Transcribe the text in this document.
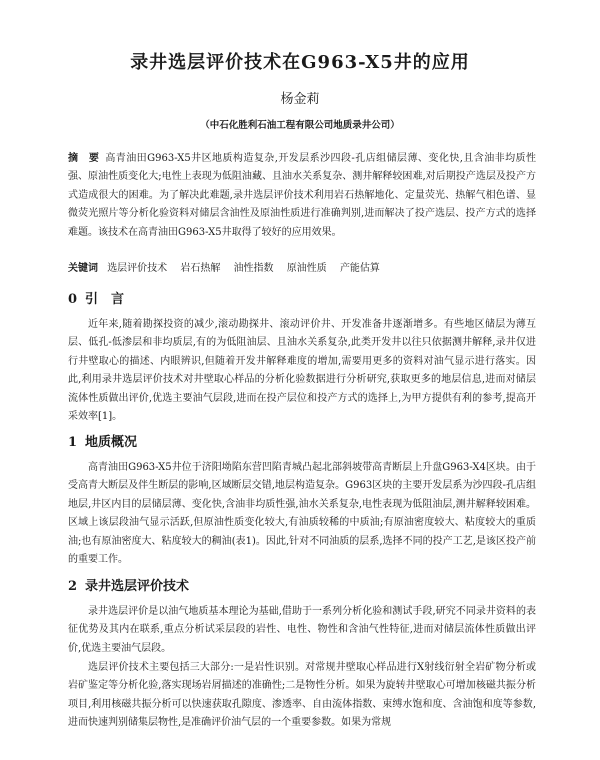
录井选层评价技术在G963-X5井的应用
杨金莉
（中石化胜利石油工程有限公司地质录井公司）
摘　要 高青油田G963-X5井区地质构造复杂,开发层系沙四段-孔店组储层薄、变化快,且含油非均质性强、原油性质变化大;电性上表现为低阻油藏、且油水关系复杂、测井解释较困难,对后期投产选层及投产方式造成很大的困难。为了解决此难题,录井选层评价技术利用岩石热解地化、定量荧光、热解气相色谱、显微荧光照片等分析化验资料对储层含油性及原油性质进行准确判别,进而解决了投产选层、投产方式的选择难题。该技术在高青油田G963-X5井取得了较好的应用效果。
关键词 选层评价技术 岩石热解 油性指数 原油性质 产能估算
0 引　言

近年来,随着勘探投资的减少,滚动勘探井、滚动评价井、开发准备井逐渐增多。有些地区储层为薄互层、低孔-低渗层和非均质层,有的为低阻油层、且油水关系复杂,此类开发井以往只依据测井解释,录井仅进行井壁取心的描述、内眼辨识,但随着开发井解释难度的增加,需要用更多的资料对油气显示进行落实。因此,利用录井选层评价技术对井壁取心样品的分析化验数据进行分析研究,获取更多的地层信息,进而对储层流体性质做出评价,优选主要油气层段,进而在投产层位和投产方式的选择上,为甲方提供有利的参考,提高开采效率[1]。

1 地质概况

高青油田G963-X5井位于济阳坳陷东营凹陷青城凸起北部斜坡带高青断层上升盘G963-X4区块。由于受高青大断层及伴生断层的影响,区域断层交错,地层构造复杂。G963区块的主要开发层系为沙四段-孔店组地层,井区内目的层储层薄、变化快,含油非均质性强,油水关系复杂,电性表现为低阻油层,测井解释较困难。区域上该层段油气显示活跃,但原油性质变化较大,有油质较稀的中质油;有原油密度较大、粘度较大的重质油;也有原油密度大、粘度较大的稠油(表1)。因此,针对不同油质的层系,选择不同的投产工艺,是该区投产前的重要工作。

2 录井选层评价技术

录井选层评价是以油气地质基本理论为基础,借助于一系列分析化验和测试手段,研究不同录井资料的表征优势及其内在联系,重点分析试采层段的岩性、电性、物性和含油气性特征,进而对储层流体性质做出评价,优选主要油气层段。

选层评价技术主要包括三大部分:一是岩性识别。对常规井壁取心样品进行X射线衍射全岩矿物分析或岩矿鉴定等分析化验,落实现场岩屑描述的准确性;二是物性分析。如果为旋转井壁取心可增加核磁共振分析项目,利用核磁共振分析可以快速获取孔隙度、渗透率、自由流体指数、束缚水饱和度、含油饱和度等参数,进而快速判别储集层物性,是准确评价油气层的一个重要参数。如果为常规
